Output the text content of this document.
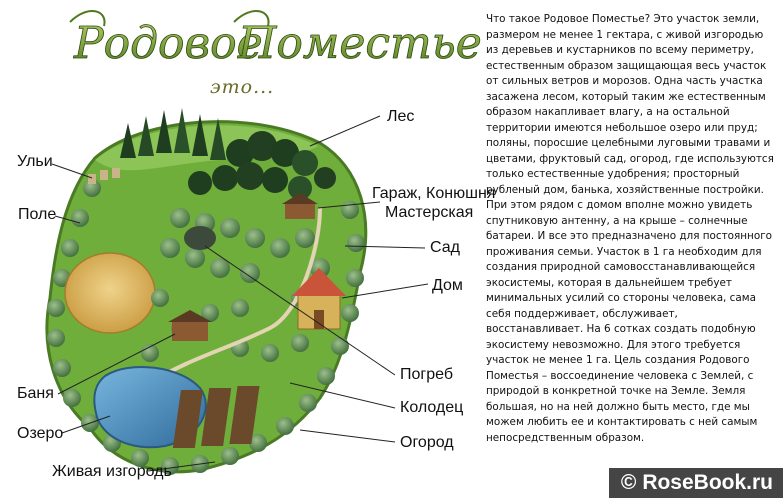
Родовое
Поместье
это...
Ульи
Поле
Лес
Гараж, Конюшня
Мастерская
Сад
Дом
Погреб
Баня
Колодец
Озеро
Огород
Живая изгородь
Что такое Родовое Поместье? Это участок земли, размером не менее 1 гектара, с живой изгородью из деревьев и кустарников по всему периметру, естественным образом защищающая весь участок от сильных ветров и морозов. Одна часть участка засажена лесом, который таким же естественным образом накапливает влагу, а на остальной территории имеются небольшое озеро или пруд; поляны, поросшие целебными луговыми травами и цветами, фруктовый сад, огород, где используются только естественные удобрения; просторный рубленый дом, банька, хозяйственные постройки. При этом рядом с домом вполне можно увидеть спутниковую антенну, а на крыше – солнечные батареи. И все это предназначено для постоянного проживания семьи. Участок в 1 га необходим для создания природной самовосстанавливающейся экосистемы, которая в дальнейшем требует минимальных усилий со стороны человека, сама себя поддерживает, обслуживает, восстанавливает. На 6 соткаx создать подобную экосистему невозможно. Для этого требуется участок не менее 1 га. Цель создания Родового Поместья – воссоединение человека с Землей, с природой в конкретной точке на Земле. Земля большая, но на ней должно быть место, где мы можем любить ее и контактировать с ней самым непосредственным образом.
© RoseBook.ru
